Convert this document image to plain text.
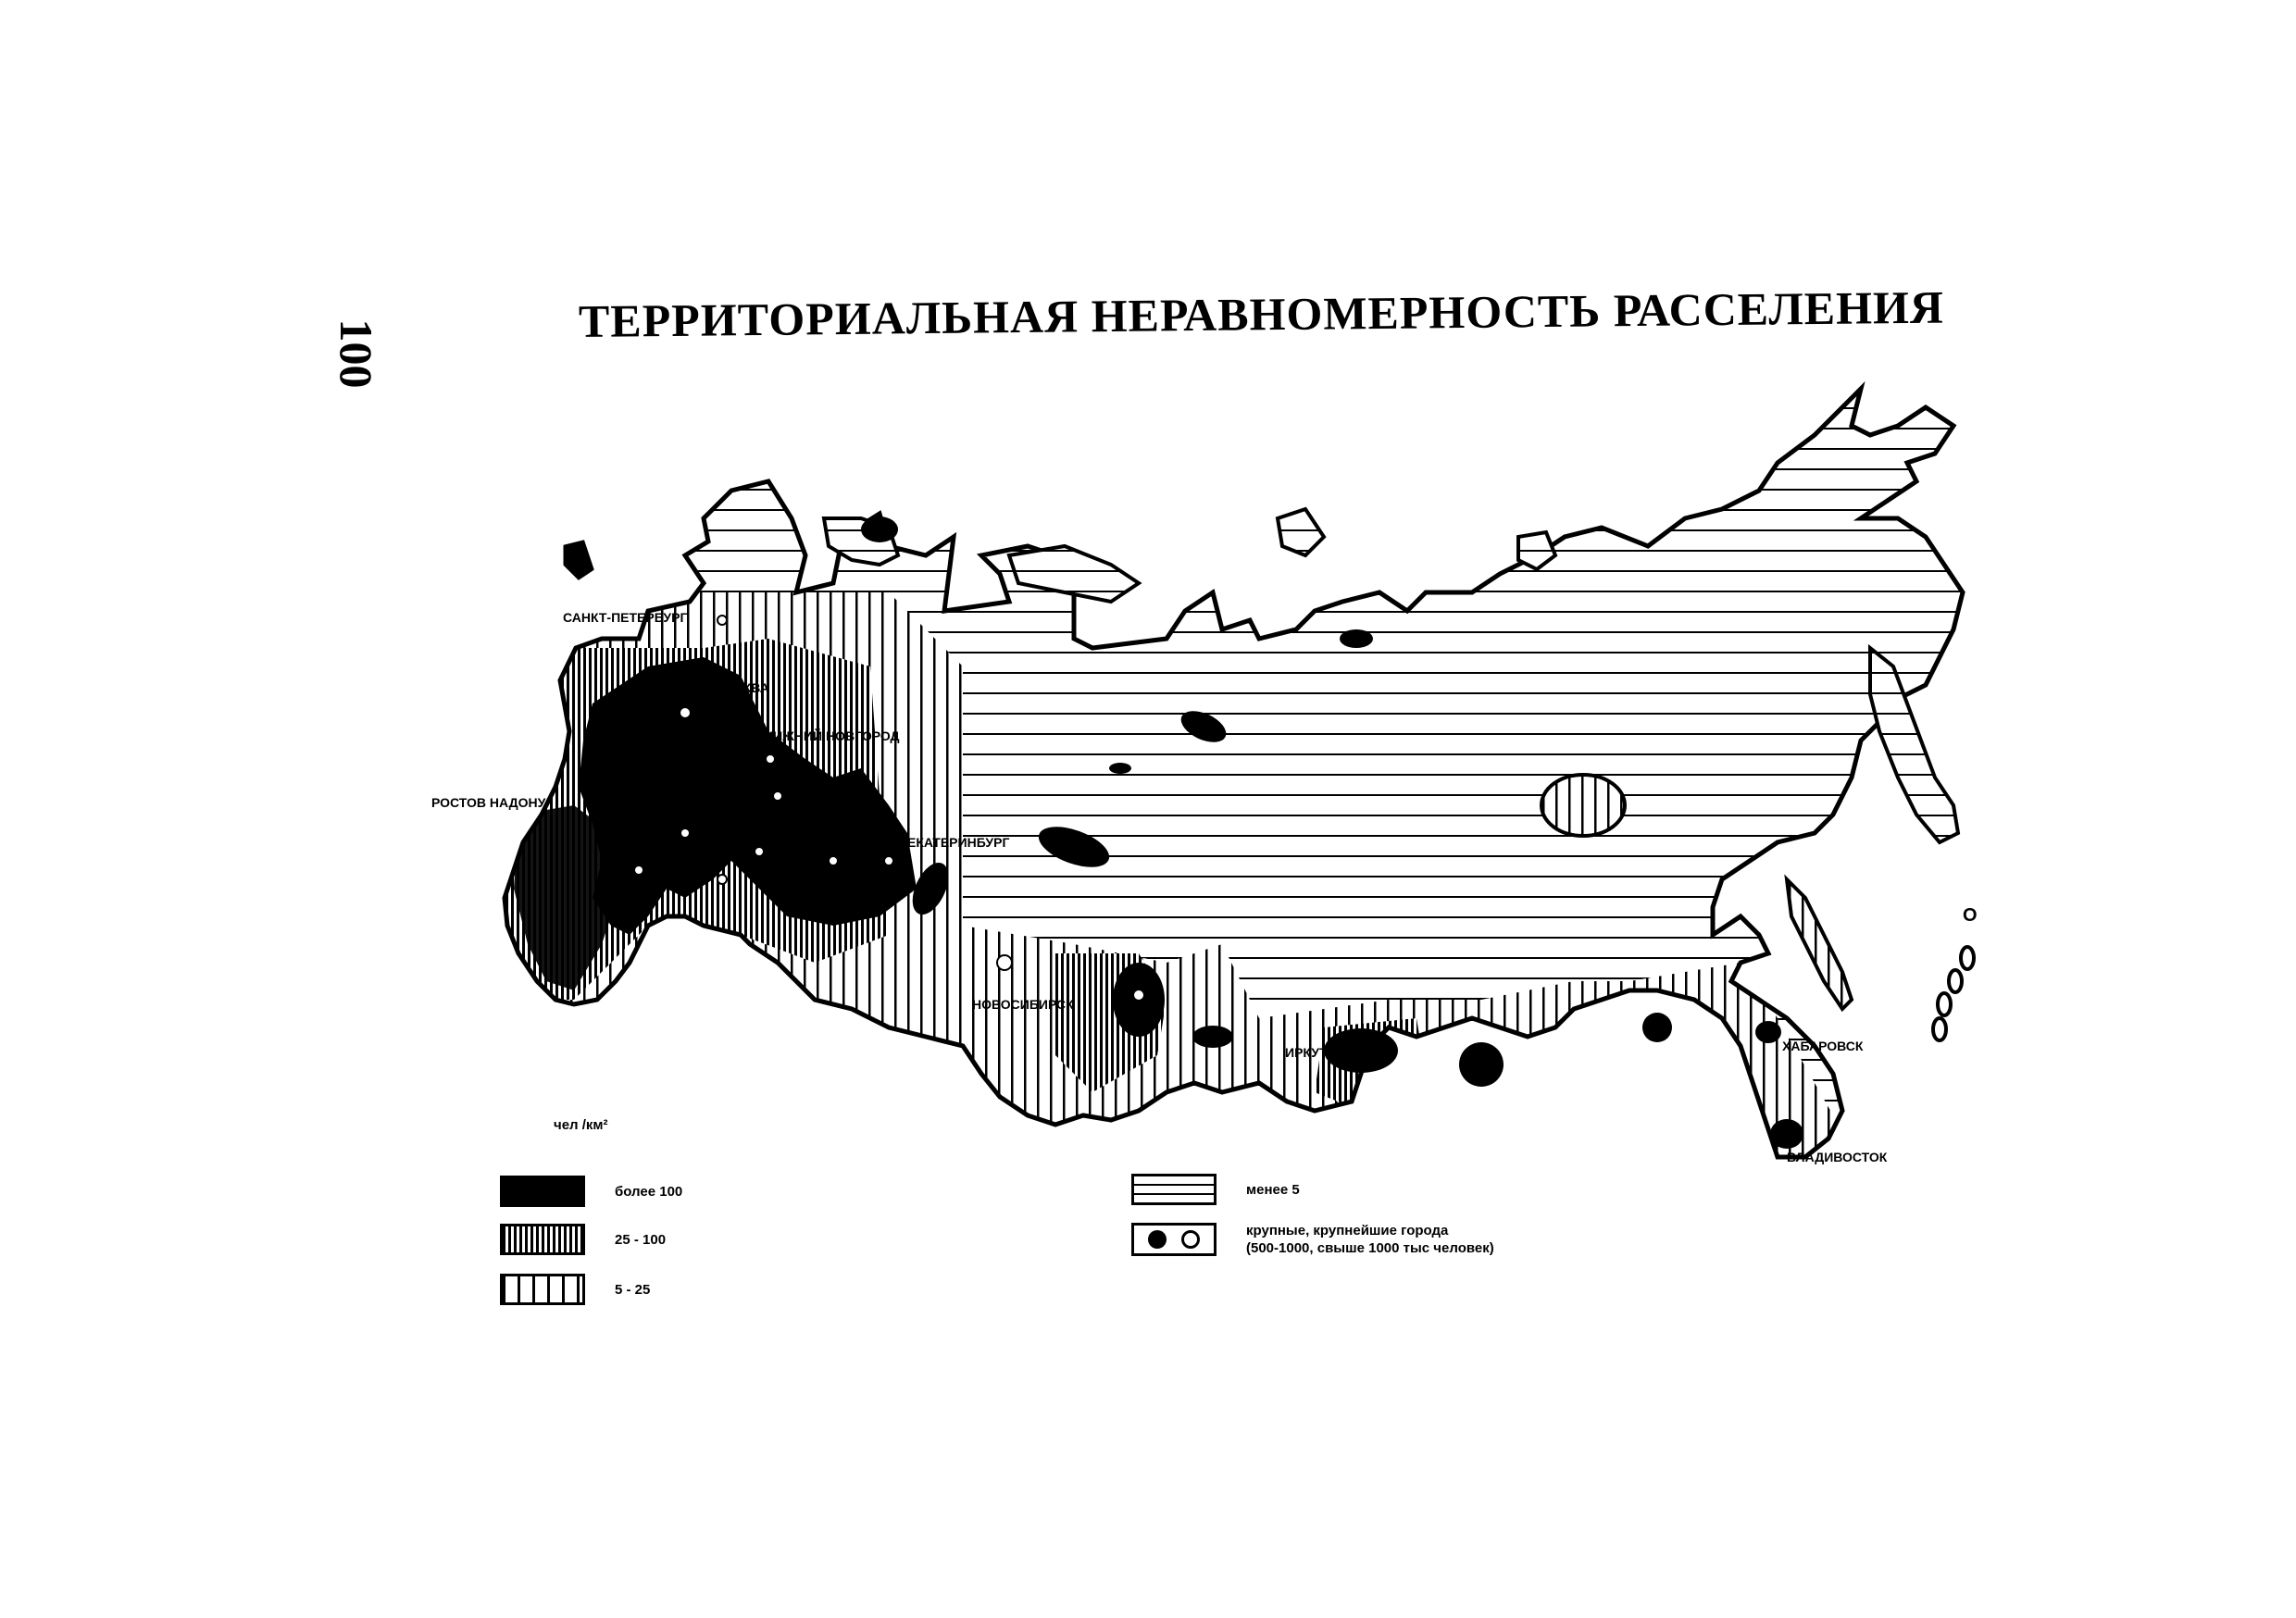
100
ТЕРРИТОРИАЛЬНАЯ НЕРАВНОМЕРНОСТЬ РАССЕЛЕНИЯ
САНКТ-ПЕТЕРБУРГ
МОСКВА
НИЖНИЙ НОВГОРОД
РОСТОВ НАДОНУ
САМАРА
ЕКАТЕРИНБУРГ
НОВОСИБИРСК
ИРКУТСК	ХАБАРОВСК
ВЛАДИВОСТОК
О
чел /км²
более 100
25 - 100
5 - 25
менее 5
крупные, крупнейшие города
(500-1000, свыше 1000 тыс человек)
